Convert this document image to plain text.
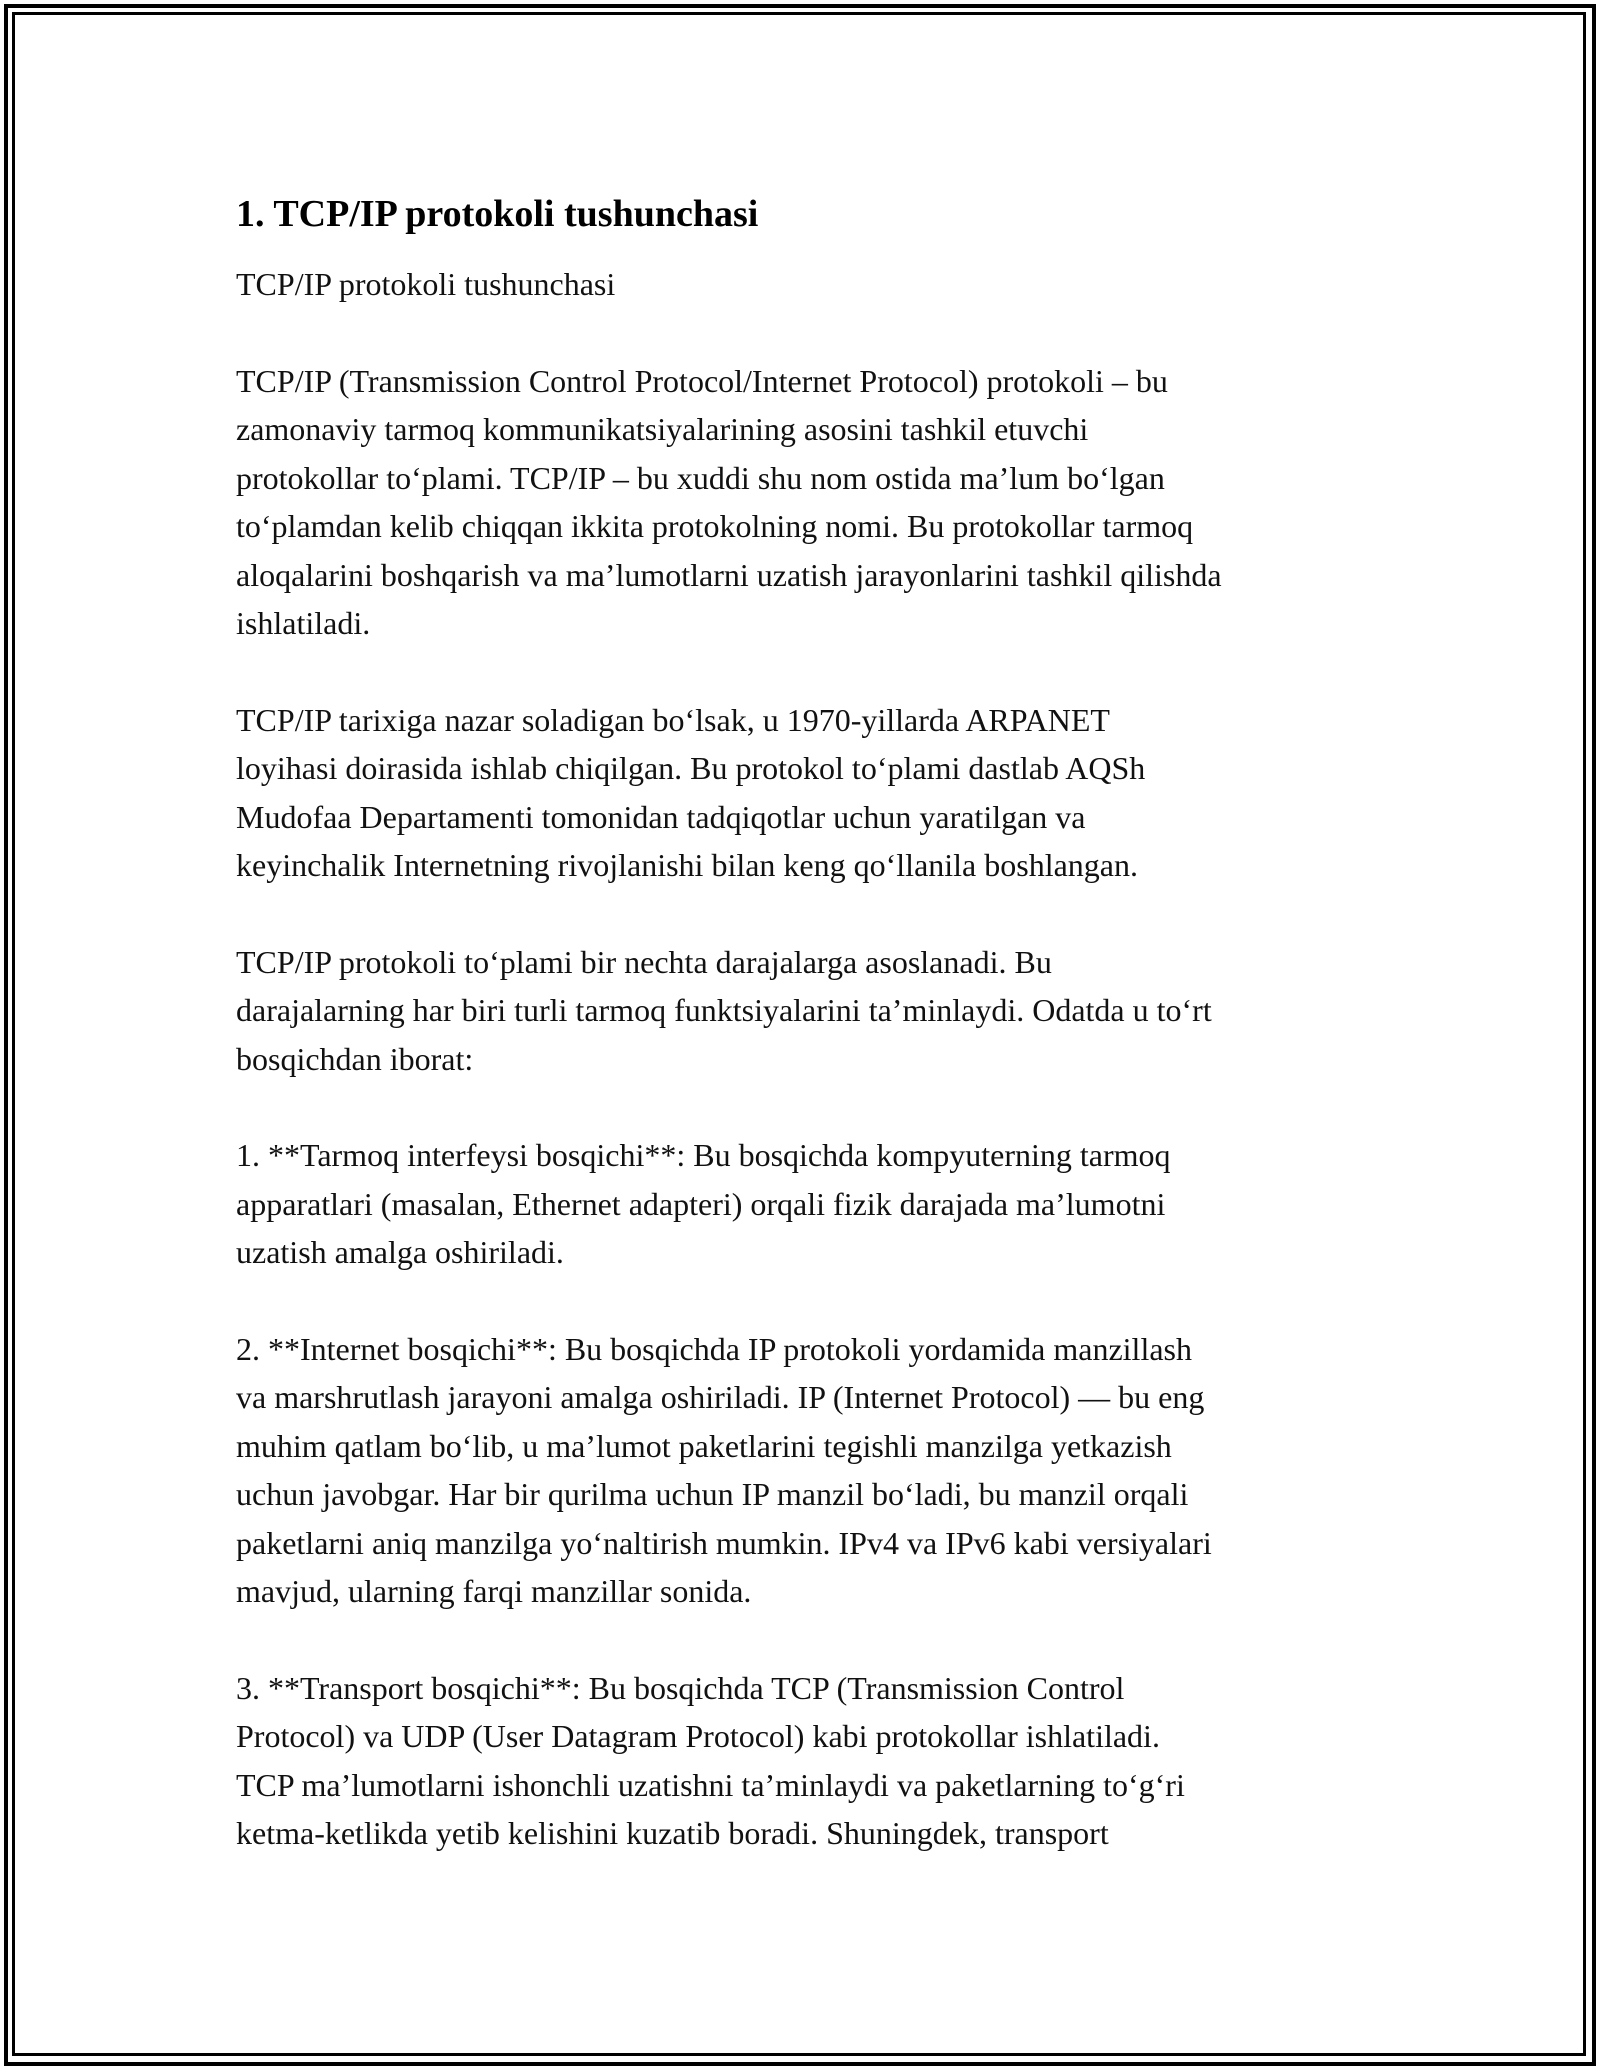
1. TCP/IP protokoli tushunchasi

TCP/IP protokoli tushunchasi

TCP/IP (Transmission Control Protocol/Internet Protocol) protokoli – bu
zamonaviy tarmoq kommunikatsiyalarining asosini tashkil etuvchi
protokollar to‘plami. TCP/IP – bu xuddi shu nom ostida ma’lum bo‘lgan
to‘plamdan kelib chiqqan ikkita protokolning nomi. Bu protokollar tarmoq
aloqalarini boshqarish va ma’lumotlarni uzatish jarayonlarini tashkil qilishda
ishlatiladi.

TCP/IP tarixiga nazar soladigan bo‘lsak, u 1970-yillarda ARPANET
loyihasi doirasida ishlab chiqilgan. Bu protokol to‘plami dastlab AQSh
Mudofaa Departamenti tomonidan tadqiqotlar uchun yaratilgan va
keyinchalik Internetning rivojlanishi bilan keng qo‘llanila boshlangan.

TCP/IP protokoli to‘plami bir nechta darajalarga asoslanadi. Bu
darajalarning har biri turli tarmoq funktsiyalarini ta’minlaydi. Odatda u to‘rt
bosqichdan iborat:

1. **Tarmoq interfeysi bosqichi**: Bu bosqichda kompyuterning tarmoq
apparatlari (masalan, Ethernet adapteri) orqali fizik darajada ma’lumotni
uzatish amalga oshiriladi.

2. **Internet bosqichi**: Bu bosqichda IP protokoli yordamida manzillash
va marshrutlash jarayoni amalga oshiriladi. IP (Internet Protocol) — bu eng
muhim qatlam bo‘lib, u ma’lumot paketlarini tegishli manzilga yetkazish
uchun javobgar. Har bir qurilma uchun IP manzil bo‘ladi, bu manzil orqali
paketlarni aniq manzilga yo‘naltirish mumkin. IPv4 va IPv6 kabi versiyalari
mavjud, ularning farqi manzillar sonida.

3. **Transport bosqichi**: Bu bosqichda TCP (Transmission Control
Protocol) va UDP (User Datagram Protocol) kabi protokollar ishlatiladi.
TCP ma’lumotlarni ishonchli uzatishni ta’minlaydi va paketlarning to‘g‘ri
ketma-ketlikda yetib kelishini kuzatib boradi. Shuningdek, transport
